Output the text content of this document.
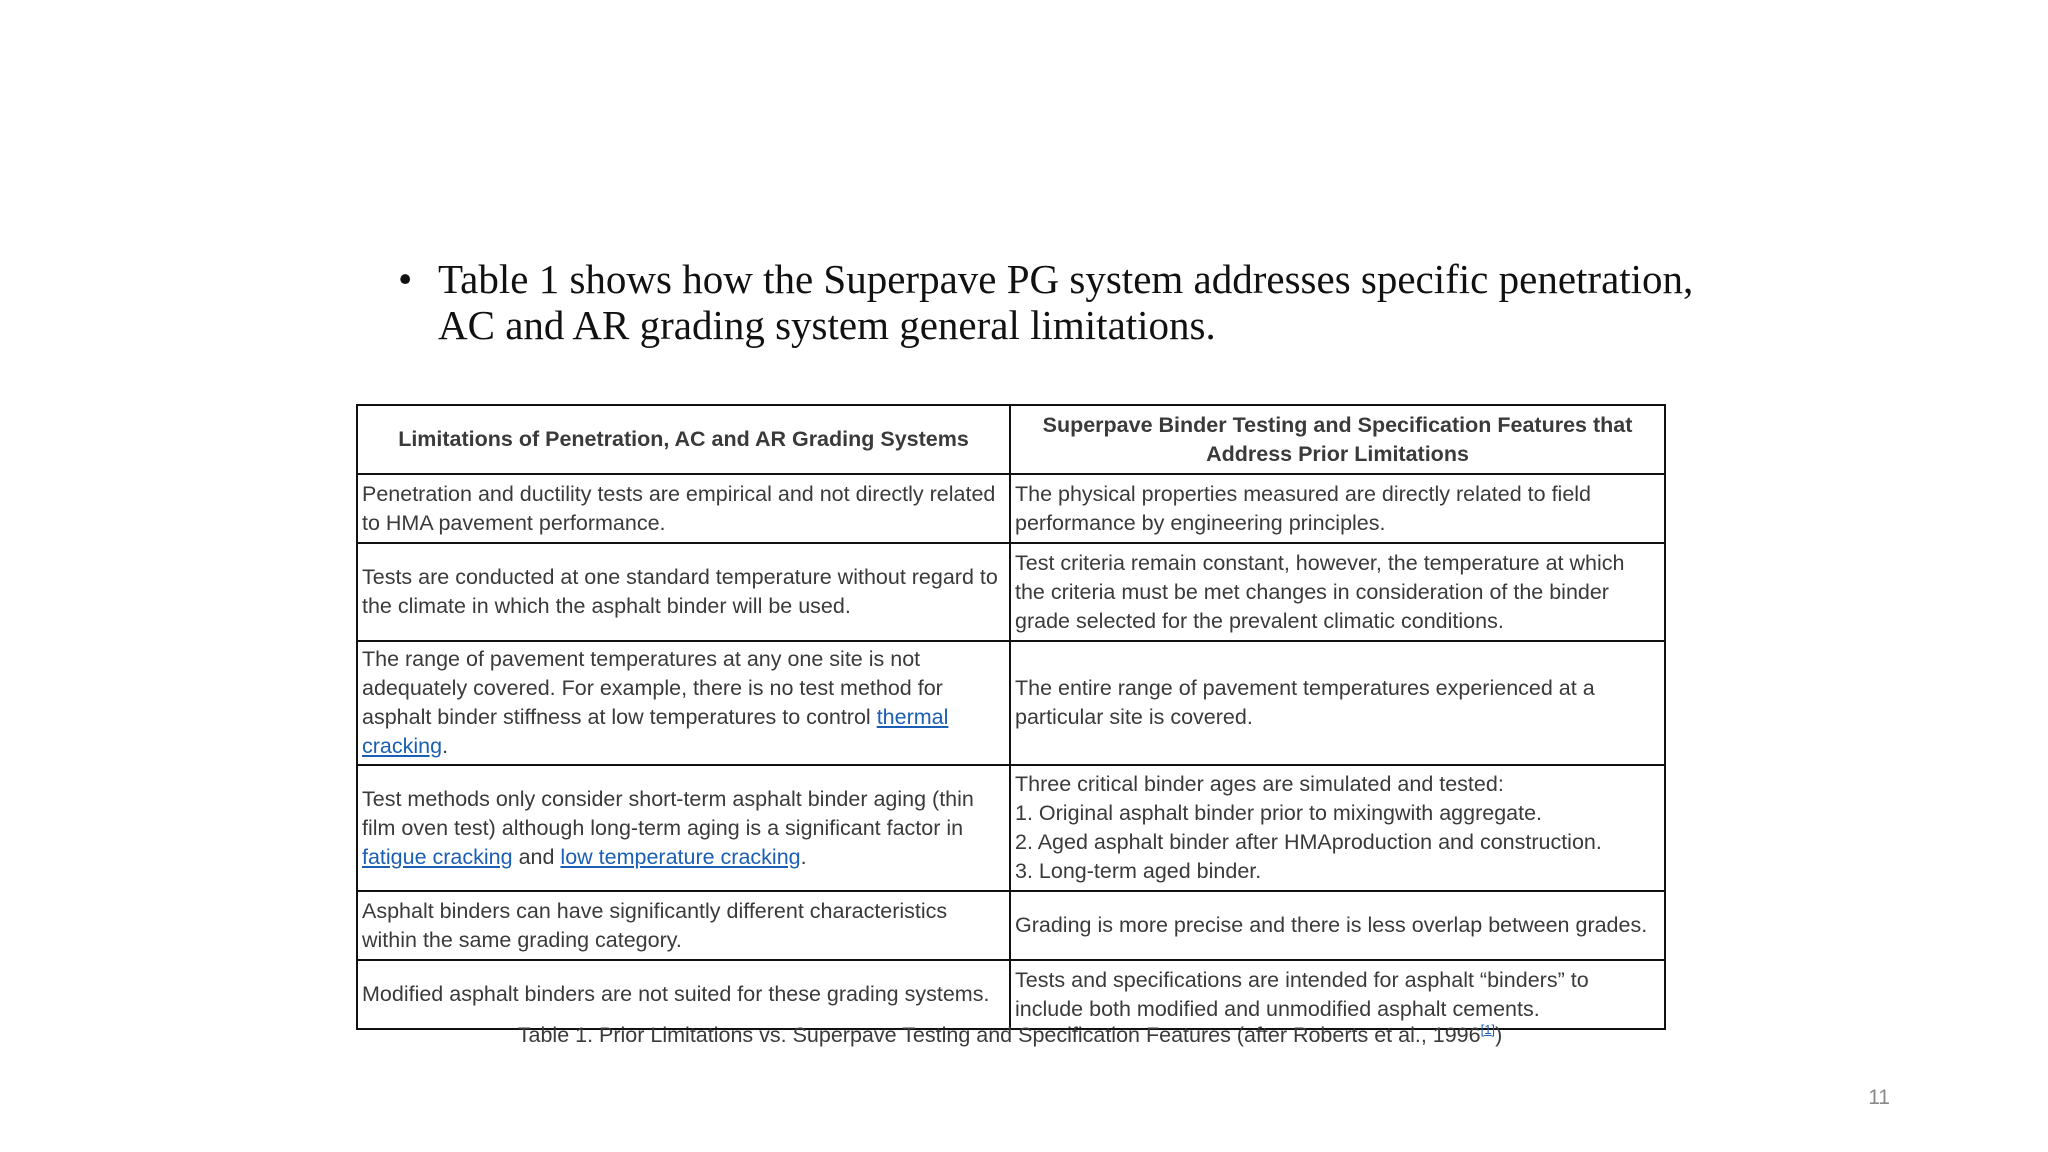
• Table 1 shows how the Superpave PG system addresses specific penetration, AC and AR grading system general limitations.
Limitations of Penetration, AC and AR Grading Systems	Superpave Binder Testing and Specification Features that Address Prior Limitations
Penetration and ductility tests are empirical and not directly related to HMA pavement performance.	The physical properties measured are directly related to field performance by engineering principles.
Tests are conducted at one standard temperature without regard to the climate in which the asphalt binder will be used.	Test criteria remain constant, however, the temperature at which the criteria must be met changes in consideration of the binder grade selected for the prevalent climatic conditions.
The range of pavement temperatures at any one site is not adequately covered. For example, there is no test method for asphalt binder stiffness at low temperatures to control thermal cracking.	The entire range of pavement temperatures experienced at a particular site is covered.
Test methods only consider short-term asphalt binder aging (thin film oven test) although long-term aging is a significant factor in fatigue cracking and low temperature cracking.	Three critical binder ages are simulated and tested:
1. Original asphalt binder prior to mixingwith aggregate.
2. Aged asphalt binder after HMAproduction and construction.
3. Long-term aged binder.

Asphalt binders can have significantly different characteristics within the same grading category.	Grading is more precise and there is less overlap between grades.
Modified asphalt binders are not suited for these grading systems.	Tests and specifications are intended for asphalt “binders” to include both modified and unmodified asphalt cements.
Table 1. Prior Limitations vs. Superpave Testing and Specification Features (after Roberts et al., 1996[1])
11
